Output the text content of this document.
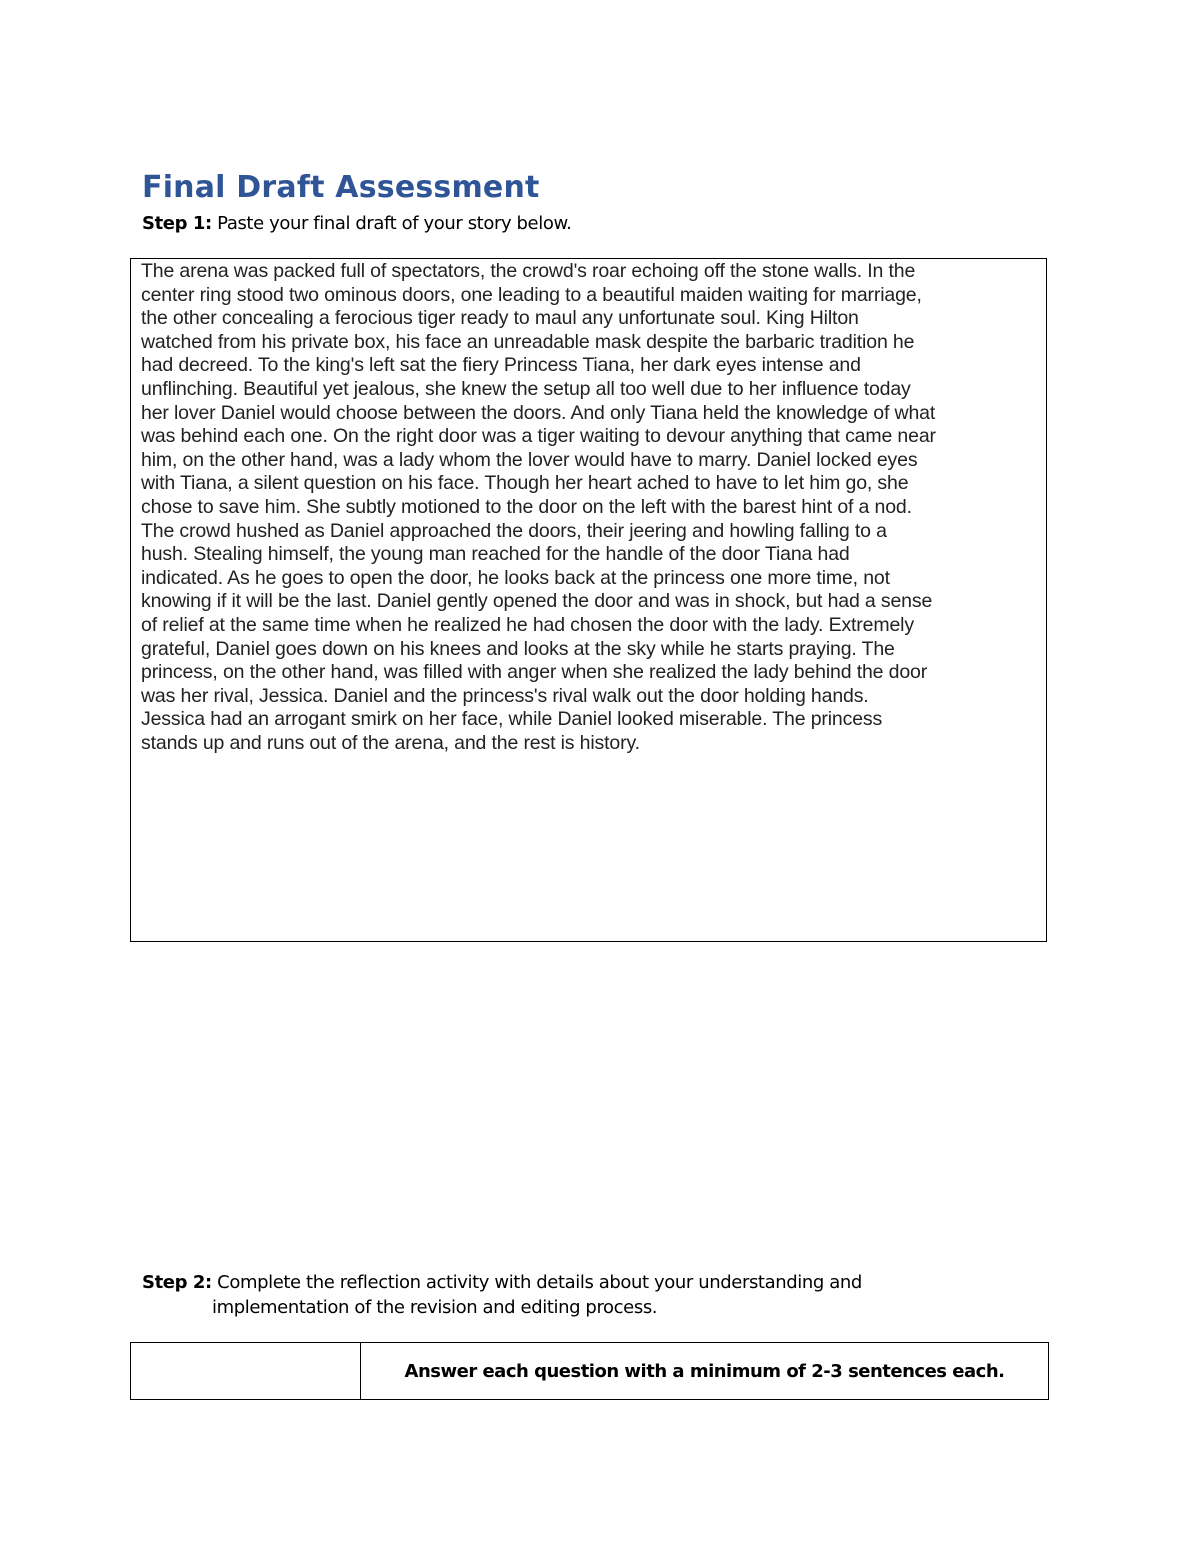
Final Draft Assessment
Step 1: Paste your final draft of your story below.
The arena was packed full of spectators, the crowd's roar echoing off the stone walls. In the
center ring stood two ominous doors, one leading to a beautiful maiden waiting for marriage,
the other concealing a ferocious tiger ready to maul any unfortunate soul. King Hilton
watched from his private box, his face an unreadable mask despite the barbaric tradition he
had decreed. To the king's left sat the fiery Princess Tiana, her dark eyes intense and
unflinching. Beautiful yet jealous, she knew the setup all too well due to her influence today
her lover Daniel would choose between the doors. And only Tiana held the knowledge of what
was behind each one. On the right door was a tiger waiting to devour anything that came near
him, on the other hand, was a lady whom the lover would have to marry. Daniel locked eyes
with Tiana, a silent question on his face. Though her heart ached to have to let him go, she
chose to save him. She subtly motioned to the door on the left with the barest hint of a nod.
The crowd hushed as Daniel approached the doors, their jeering and howling falling to a
hush. Stealing himself, the young man reached for the handle of the door Tiana had
indicated. As he goes to open the door, he looks back at the princess one more time, not
knowing if it will be the last. Daniel gently opened the door and was in shock, but had a sense
of relief at the same time when he realized he had chosen the door with the lady. Extremely
grateful, Daniel goes down on his knees and looks at the sky while he starts praying. The
princess, on the other hand, was filled with anger when she realized the lady behind the door
was her rival, Jessica. Daniel and the princess's rival walk out the door holding hands.
Jessica had an arrogant smirk on her face, while Daniel looked miserable. The princess
stands up and runs out of the arena, and the rest is history.
Step 2: Complete the reflection activity with details about your understanding and
implementation of the revision and editing process.
Answer each question with a minimum of 2-3 sentences each.
